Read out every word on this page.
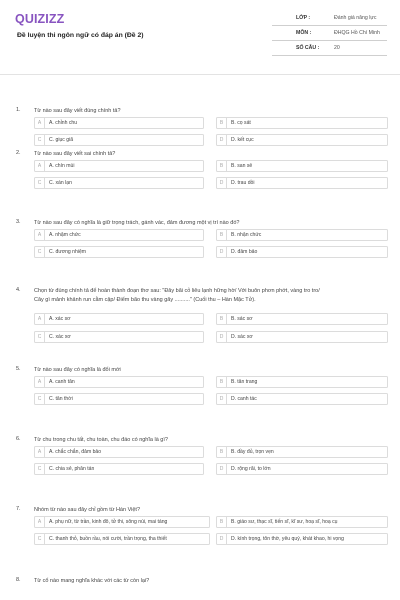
QUIZIZZ
Đề luyện thi ngôn ngữ có đáp án (Đề 2)
LỚP :	Đánh giá năng lực
MÔN :	ĐHQG Hồ Chí Minh
SỐ CÂU :	20
1. Từ nào sau đây viết đúng chính tả?
A	A. chỉnh chu	B	B. cọ sát
C	C. giục giã	D	D. kết cục
2. Từ nào sau đây viết sai chính tả?
A	A. chín mùi	B	B. san sẻ
C	C. xán lạn	D	D. trau dồi
3. Từ nào sau đây có nghĩa là giữ trọng trách, gánh vác, đảm đương một vị trí nào đó?
A	A. nhậm chức	B	B. nhận chức
C	C. đương nhiệm	D	D. đảm bảo
4. Chọn từ đúng chính tả để hoàn thành đoạn thơ sau: "Đây bãi cỏ liêu lạnh hững hờ/ Với buôn phơn phớt, vàng tro tro/
Cây gì mảnh khảnh run cằm cập/ Điểm bão thu vàng gãy .........." (Cuối thu – Hàn Mặc Tử).
A	A. xác sơ	B	B. sác sơ
C	C. xác xơ	D	D. sác xơ
5. Từ nào sau đây có nghĩa là đổi mới
A	A. canh tân	B	B. tân trang
C	C. tân thời	D	D. canh tác
6. Từ chu trong chu tất, chu toàn, chu đáo có nghĩa là gì?
A	A. chắc chắn, đảm bảo	B	B. đầy đủ, trọn vẹn
C	C. chia sẻ, phân tán	D	D. rộng rãi, to lớn
7. Nhóm từ nào sau đây chỉ gồm từ Hán Việt?
A	A. phụ nữ, từ trần, kinh đô, tử thi, sông núi, mai táng	B	B. giáo sư, thạc sĩ, tiến sĩ, kĩ sư, hoạ sĩ, hoạ cụ
C	C. thanh thỏ, buồn rầu, nói cười, trần trọng, tha thiết	D	D. kính trọng, tôn thờ, yêu quý, khát khao, hi vọng
8. Từ cổ nào mang nghĩa khác với các từ còn lại?
